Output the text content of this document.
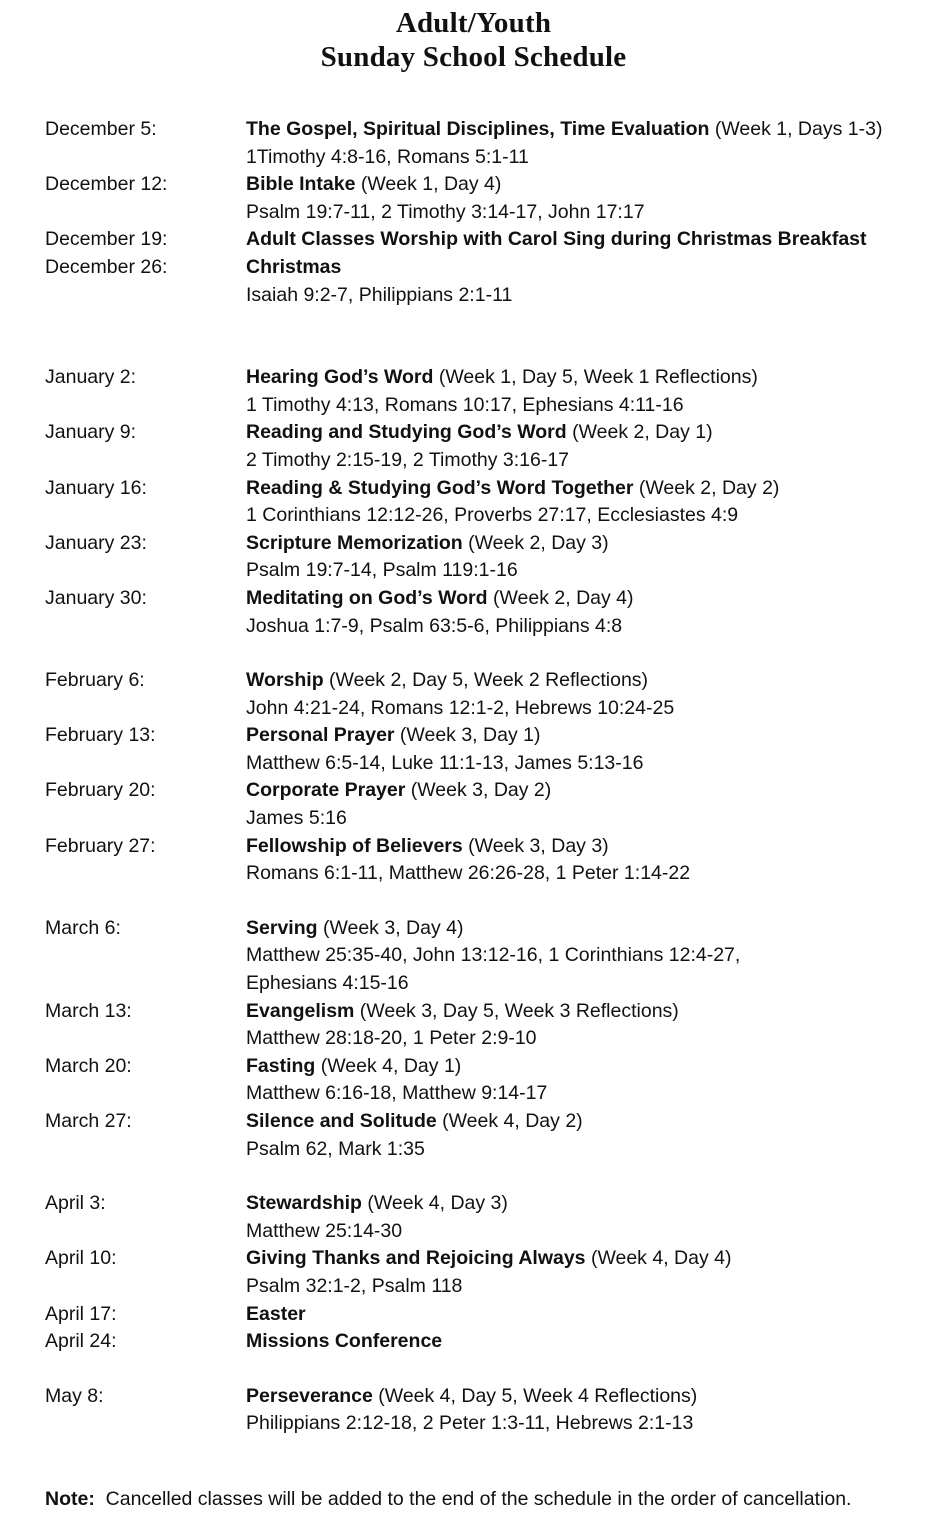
Adult/Youth
Sunday School Schedule
December 5:	The Gospel, Spiritual Disciplines, Time Evaluation (Week 1, Days 1-3)
1Timothy 4:8-16, Romans 5:1-11
December 12:	Bible Intake (Week 1, Day 4)
Psalm 19:7-11, 2 Timothy 3:14-17, John 17:17
December 19:	Adult Classes Worship with Carol Sing during Christmas Breakfast
December 26:	Christmas
Isaiah 9:2-7, Philippians 2:1-11
January 2:	Hearing God’s Word (Week 1, Day 5, Week 1 Reflections)
1 Timothy 4:13, Romans 10:17, Ephesians 4:11-16
January 9:	Reading and Studying God’s Word (Week 2, Day 1)
2 Timothy 2:15-19, 2 Timothy 3:16-17
January 16:	Reading & Studying God’s Word Together (Week 2, Day 2)
1 Corinthians 12:12-26, Proverbs 27:17, Ecclesiastes 4:9
January 23:	Scripture Memorization (Week 2, Day 3)
Psalm 19:7-14, Psalm 119:1-16
January 30:	Meditating on God’s Word (Week 2, Day 4)
Joshua 1:7-9, Psalm 63:5-6, Philippians 4:8
February 6:	Worship (Week 2, Day 5, Week 2 Reflections)
John 4:21-24, Romans 12:1-2, Hebrews 10:24-25
February 13:	Personal Prayer (Week 3, Day 1)
Matthew 6:5-14, Luke 11:1-13, James 5:13-16
February 20:	Corporate Prayer (Week 3, Day 2)
James 5:16
February 27:	Fellowship of Believers (Week 3, Day 3)
Romans 6:1-11, Matthew 26:26-28, 1 Peter 1:14-22
March 6:	Serving (Week 3, Day 4)
Matthew 25:35-40, John 13:12-16, 1 Corinthians 12:4-27,
Ephesians 4:15-16
March 13:	Evangelism (Week 3, Day 5, Week 3 Reflections)
Matthew 28:18-20, 1 Peter 2:9-10
March 20:	Fasting (Week 4, Day 1)
Matthew 6:16-18, Matthew 9:14-17
March 27:	Silence and Solitude (Week 4, Day 2)
Psalm 62, Mark 1:35
April 3:	Stewardship (Week 4, Day 3)
Matthew 25:14-30
April 10:	Giving Thanks and Rejoicing Always (Week 4, Day 4)
Psalm 32:1-2, Psalm 118
April 17:	Easter
April 24:	Missions Conference
May 8:	Perseverance (Week 4, Day 5, Week 4 Reflections)
Philippians 2:12-18, 2 Peter 1:3-11, Hebrews 2:1-13
Note:  Cancelled classes will be added to the end of the schedule in the order of cancellation.
